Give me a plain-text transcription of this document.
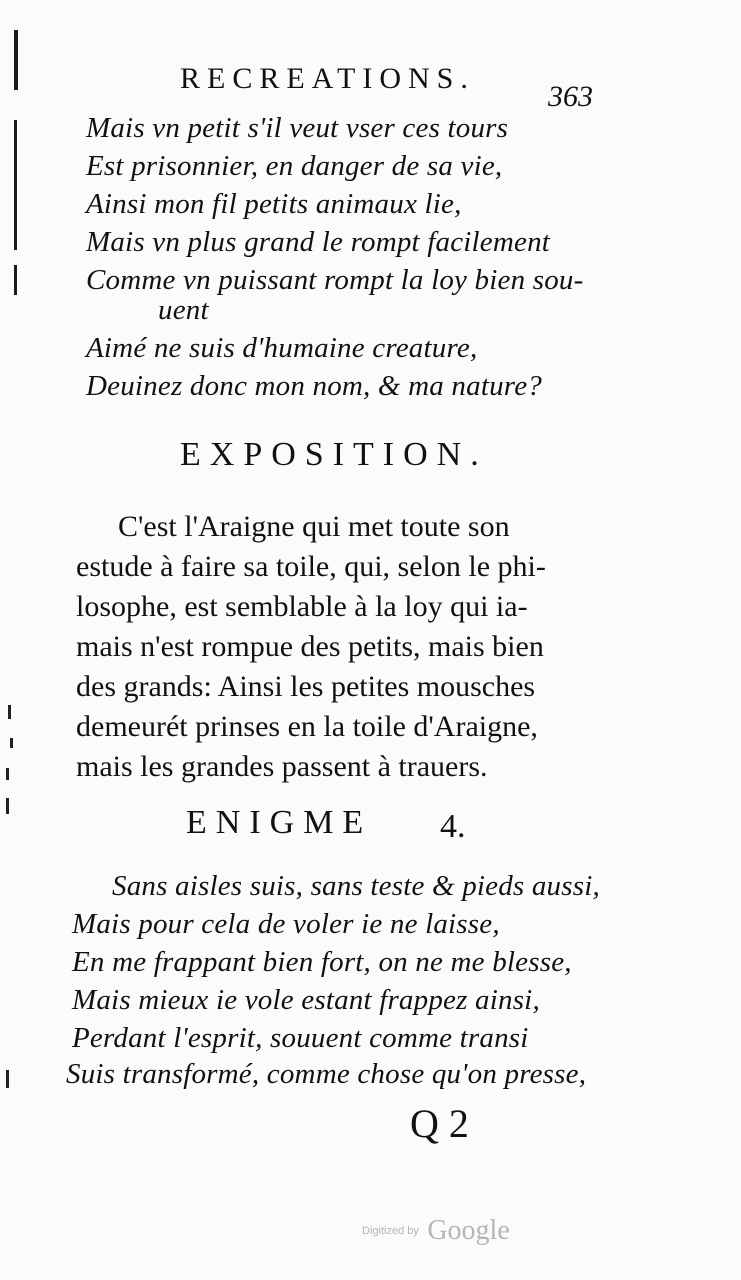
RECREATIONS.
363
Mais vn petit s'il veut vser ces tours
Est prisonnier, en danger de sa vie,
Ainsi mon fil petits animaux lie,
Mais vn plus grand le rompt facilement
Comme vn puissant rompt la loy bien sou-
uent
Aimé ne suis d'humaine creature,
Deuinez donc mon nom, & ma nature?
EXPOSITION.
C'est l'Araigne qui met toute son
estude à faire sa toile, qui, selon le phi-
losophe, est semblable à la loy qui ia-
mais n'est rompue des petits, mais bien
des grands: Ainsi les petites mousches
demeurét prinses en la toile d'Araigne,
mais les grandes passent à trauers.
ENIGME 4.
Sans aisles suis, sans teste & pieds aussi,
Mais pour cela de voler ie ne laisse,
En me frappant bien fort, on ne me blesse,
Mais mieux ie vole estant frappez ainsi,
Perdant l'esprit, souuent comme transi
Suis transformé, comme chose qu'on presse,
Q 2
Digitized by Google
